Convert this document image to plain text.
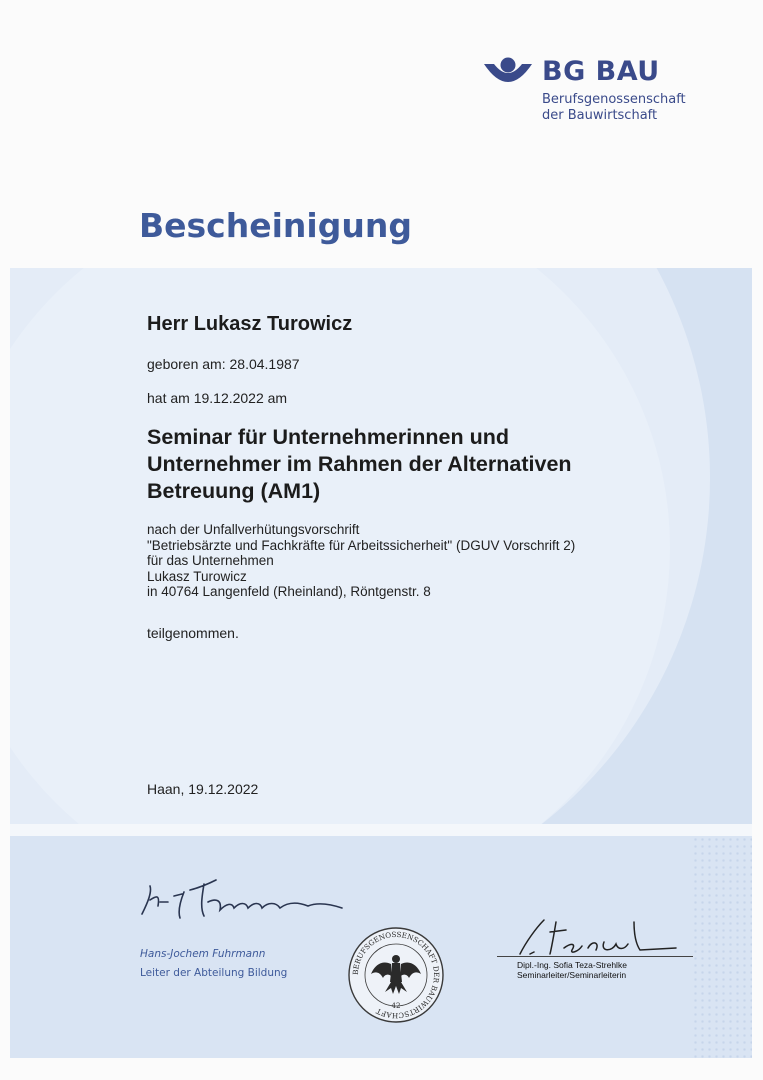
BG BAU
Berufsgenossenschaft
der Bauwirtschaft
Bescheinigung

Herr Lukasz Turowicz

geboren am: 28.04.1987

hat am 19.12.2022 am

Seminar für Unternehmerinnen und
Unternehmer im Rahmen der Alternativen
Betreuung (AM1)
nach der Unfallverhütungsvorschrift
"Betriebsärzte und Fachkräfte für Arbeitssicherheit" (DGUV Vorschrift 2)
für das Unternehmen
Lukasz Turowicz
in 40764 Langenfeld (Rheinland), Röntgenstr. 8

teilgenommen.

Haan, 19.12.2022

Hans-Jochem Fuhrmann
Leiter der Abteilung Bildung	BERUFSGENOSSENSCHAFT DER BAUWIRTSCHAFT
42
Dipl.-Ing. Sofia Teza-Strehlke
Seminarleiter/Seminarleiterin
